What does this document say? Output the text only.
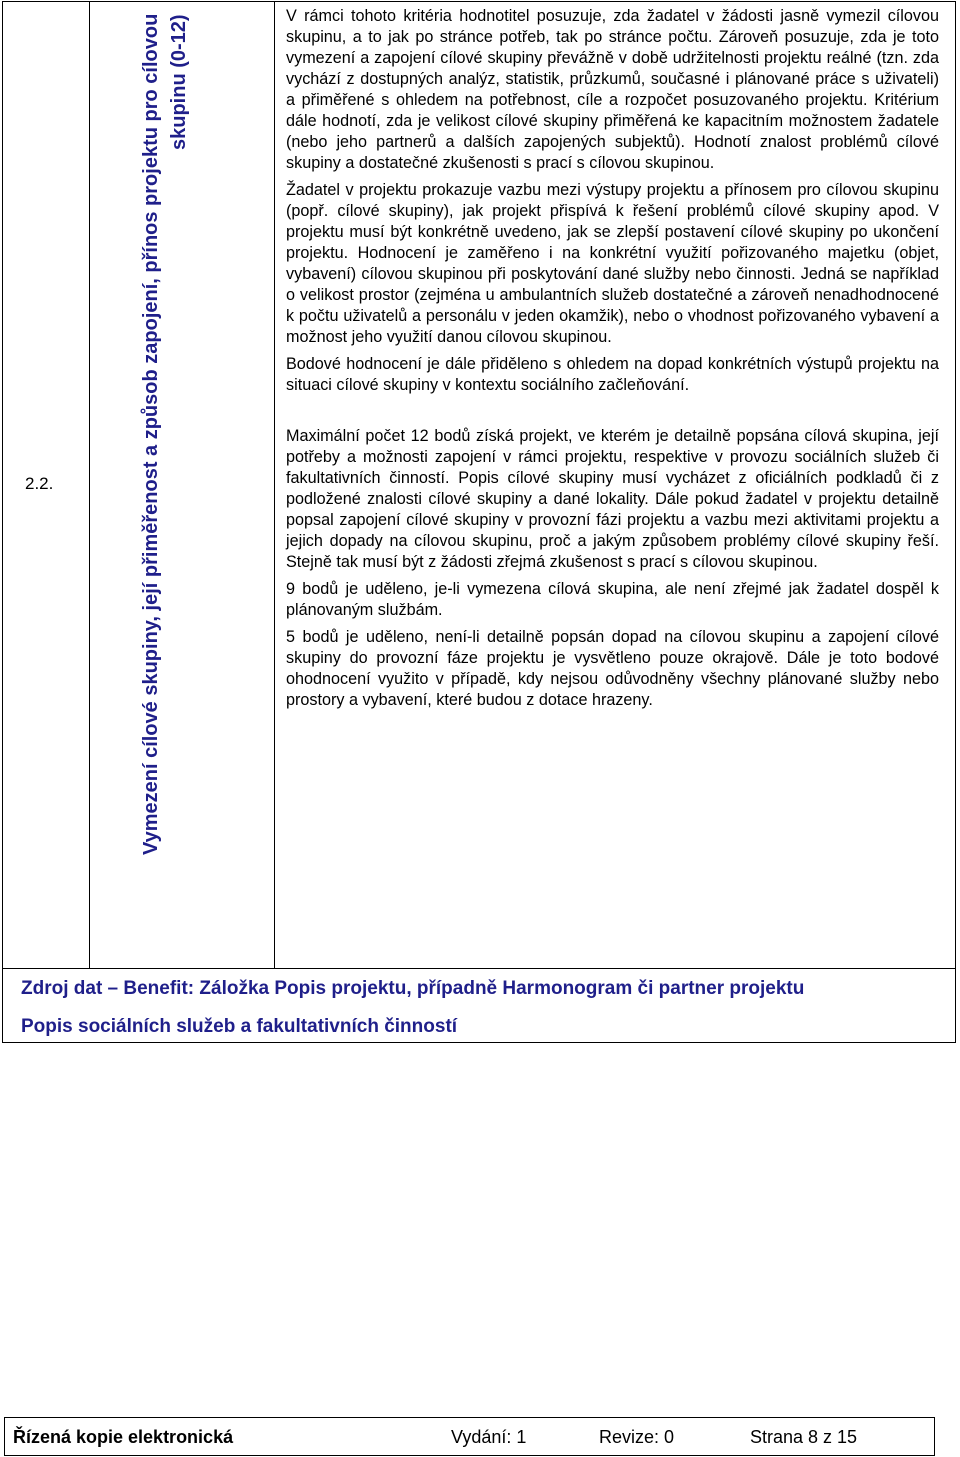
2.2.	Vymezení cílové skupiny, její přiměřenost a způsob zapojení, přínos projektu pro cílovou skupinu (0-12)	V rámci tohoto kritéria hodnotitel posuzuje, zda žadatel v žádosti jasně vymezil cílovou skupinu, a to jak po stránce potřeb, tak po stránce počtu. Zároveň posuzuje, zda je toto vymezení a zapojení cílové skupiny převážně v době udržitelnosti projektu reálné (tzn. zda vychází z dostupných analýz, statistik, průzkumů, současné i plánované práce s uživateli) a přiměřené s ohledem na potřebnost, cíle a rozpočet posuzovaného projektu. Kritérium dále hodnotí, zda je velikost cílové skupiny přiměřená ke kapacitním možnostem žadatele (nebo jeho partnerů a dalších zapojených subjektů). Hodnotí znalost problémů cílové skupiny a dostatečné zkušenosti s prací s cílovou skupinou.

Žadatel v projektu prokazuje vazbu mezi výstupy projektu a přínosem pro cílovou skupinu (popř. cílové skupiny), jak projekt přispívá k řešení problémů cílové skupiny apod. V projektu musí být konkrétně uvedeno, jak se zlepší postavení cílové skupiny po ukončení projektu. Hodnocení je zaměřeno i na konkrétní využití pořizovaného majetku (objet, vybavení) cílovou skupinou při poskytování dané služby nebo činnosti. Jedná se například o velikost prostor (zejména u ambulantních služeb dostatečné a zároveň nenadhodnocené k počtu uživatelů a personálu v jeden okamžik), nebo o vhodnost pořizovaného vybavení a možnost jeho využití danou cílovou skupinou.

Bodové hodnocení je dále přiděleno s ohledem na dopad konkrétních výstupů projektu na situaci cílové skupiny v kontextu sociálního začleňování.

Maximální počet 12 bodů získá projekt, ve kterém je detailně popsána cílová skupina, její potřeby a možnosti zapojení v rámci projektu, respektive v provozu sociálních služeb či fakultativních činností. Popis cílové skupiny musí vycházet z oficiálních podkladů či z podložené znalosti cílové skupiny a dané lokality. Dále pokud žadatel v projektu detailně popsal zapojení cílové skupiny v provozní fázi projektu a vazbu mezi aktivitami projektu a jejich dopady na cílovou skupinu, proč a jakým způsobem problémy cílové skupiny řeší. Stejně tak musí být z žádosti zřejmá zkušenost s prací s cílovou skupinou.

9 bodů je uděleno, je-li vymezena cílová skupina, ale není zřejmé jak žadatel dospěl k plánovaným službám.

5 bodů je uděleno, není-li detailně popsán dopad na cílovou skupinu a zapojení cílové skupiny do provozní fáze projektu je vysvětleno pouze okrajově. Dále je toto bodové ohodnocení využito v případě, kdy nejsou odůvodněny všechny plánované služby nebo prostory a vybavení, které budou z dotace hrazeny.

Zdroj dat – Benefit: Záložka Popis projektu, případně Harmonogram či partner projektu
Popis sociálních služeb a fakultativních činností
Řízená kopie elektronická	Vydání: 1	Revize: 0	Strana 8 z 15
